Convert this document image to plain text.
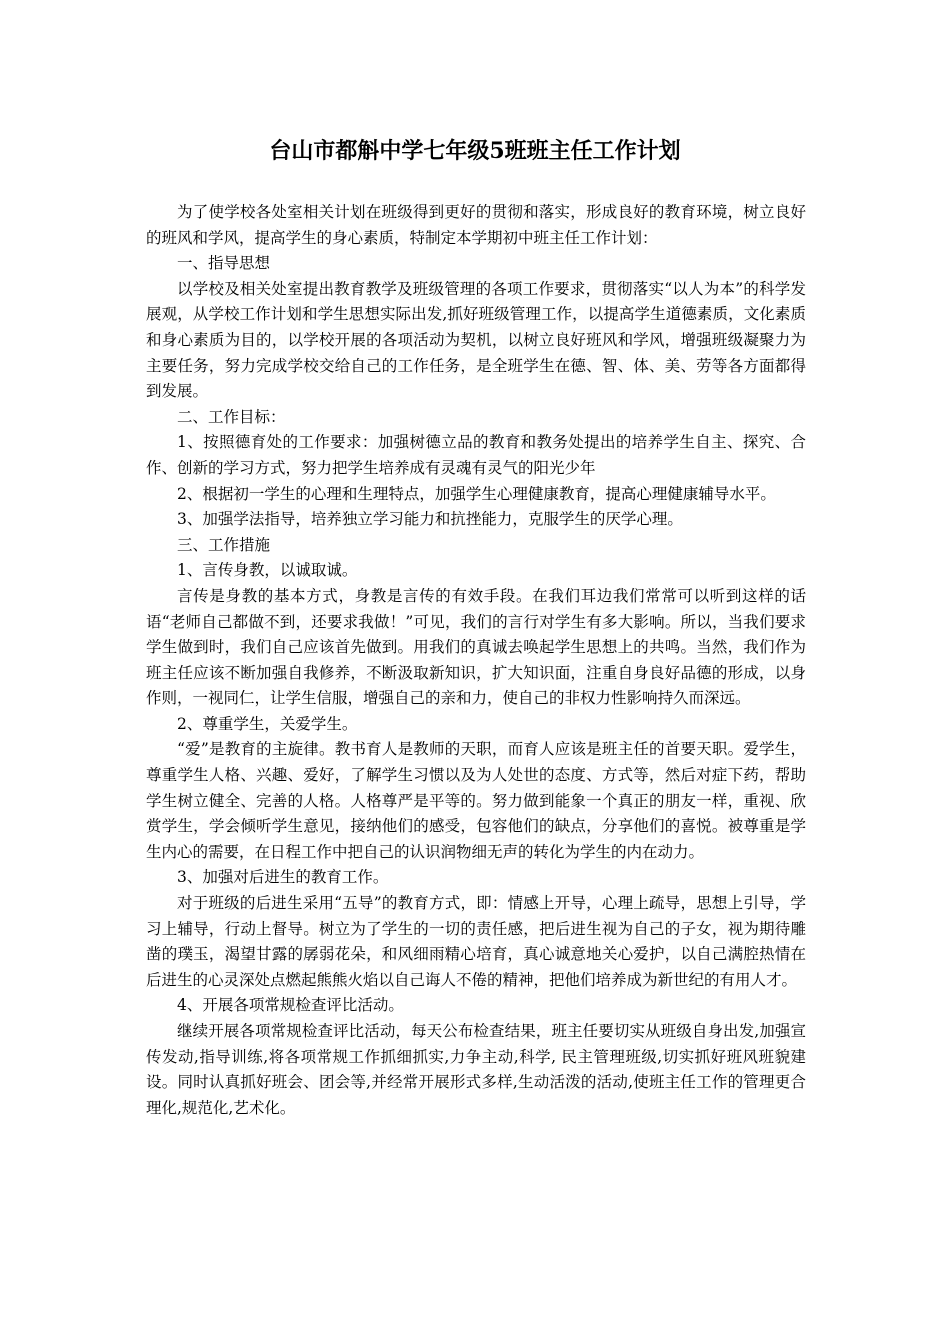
台山市都斛中学七年级5班班主任工作计划

为了使学校各处室相关计划在班级得到更好的贯彻和落实，形成良好的教育环境，树立良好的班风和学风，提高学生的身心素质，特制定本学期初中班主任工作计划：

一、指导思想

以学校及相关处室提出教育教学及班级管理的各项工作要求，贯彻落实“以人为本”的科学发展观，从学校工作计划和学生思想实际出发,抓好班级管理工作，以提高学生道德素质，文化素质和身心素质为目的，以学校开展的各项活动为契机，以树立良好班风和学风，增强班级凝聚力为主要任务，努力完成学校交给自己的工作任务，是全班学生在德、智、体、美、劳等各方面都得到发展。

二、工作目标：

1、按照德育处的工作要求：加强树德立品的教育和教务处提出的培养学生自主、探究、合作、创新的学习方式，努力把学生培养成有灵魂有灵气的阳光少年

2、根据初一学生的心理和生理特点，加强学生心理健康教育，提高心理健康辅导水平。

3、加强学法指导，培养独立学习能力和抗挫能力，克服学生的厌学心理。

三、工作措施

1、言传身教，以诚取诚。

言传是身教的基本方式，身教是言传的有效手段。在我们耳边我们常常可以听到这样的话语“老师自己都做不到，还要求我做！”可见，我们的言行对学生有多大影响。所以，当我们要求学生做到时，我们自己应该首先做到。用我们的真诚去唤起学生思想上的共鸣。当然，我们作为班主任应该不断加强自我修养，不断汲取新知识，扩大知识面，注重自身良好品德的形成，以身作则，一视同仁，让学生信服，增强自己的亲和力，使自己的非权力性影响持久而深远。

2、尊重学生，关爱学生。

“爱”是教育的主旋律。教书育人是教师的天职，而育人应该是班主任的首要天职。爱学生，尊重学生人格、兴趣、爱好，了解学生习惯以及为人处世的态度、方式等，然后对症下药，帮助学生树立健全、完善的人格。人格尊严是平等的。努力做到能象一个真正的朋友一样，重视、欣赏学生，学会倾听学生意见，接纳他们的感受，包容他们的缺点，分享他们的喜悦。被尊重是学生内心的需要，在日程工作中把自己的认识润物细无声的转化为学生的内在动力。

3、加强对后进生的教育工作。

对于班级的后进生采用“五导”的教育方式，即：情感上开导，心理上疏导，思想上引导，学习上辅导，行动上督导。树立为了学生的一切的责任感，把后进生视为自己的子女，视为期待雕凿的璞玉，渴望甘露的孱弱花朵，和风细雨精心培育，真心诚意地关心爱护，以自己满腔热情在后进生的心灵深处点燃起熊熊火焰以自己诲人不倦的精神，把他们培养成为新世纪的有用人才。

4、开展各项常规检查评比活动。

继续开展各项常规检查评比活动，每天公布检查结果，班主任要切实从班级自身出发,加强宣传发动,指导训练,将各项常规工作抓细抓实,力争主动,科学, 民主管理班级,切实抓好班风班貌建设。同时认真抓好班会、团会等,并经常开展形式多样,生动活泼的活动,使班主任工作的管理更合理化,规范化,艺术化。
